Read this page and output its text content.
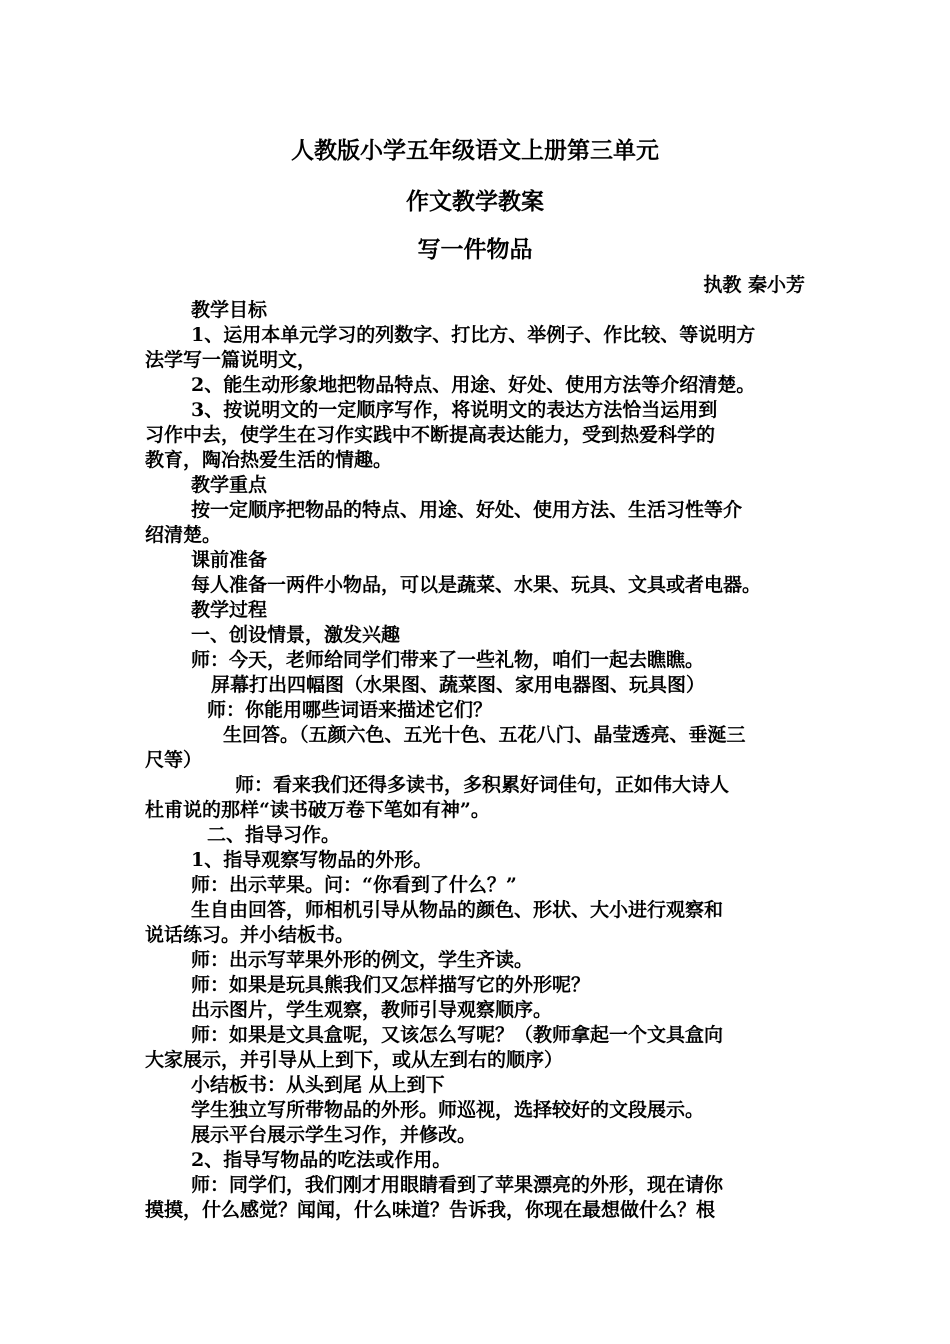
人教版小学五年级语文上册第三单元
作文教学教案
写一件物品
执教 秦小芳

教学目标

1、运用本单元学习的列数字、打比方、举例子、作比较、等说明方

法学写一篇说明文，

2、能生动形象地把物品特点、用途、好处、使用方法等介绍清楚。

3、按说明文的一定顺序写作，将说明文的表达方法恰当运用到

习作中去，使学生在习作实践中不断提高表达能力，受到热爱科学的

教育，陶冶热爱生活的情趣。

教学重点

按一定顺序把物品的特点、用途、好处、使用方法、生活习性等介

绍清楚。

课前准备

每人准备一两件小物品，可以是蔬菜、水果、玩具、文具或者电器。

教学过程

一、创设情景，激发兴趣

师：今天，老师给同学们带来了一些礼物，咱们一起去瞧瞧。

屏幕打出四幅图（水果图、蔬菜图、家用电器图、玩具图）

师：你能用哪些词语来描述它们？

生回答。（五颜六色、五光十色、五花八门、晶莹透亮、垂涎三

尺等）

师：看来我们还得多读书，多积累好词佳句，正如伟大诗人

杜甫说的那样“读书破万卷下笔如有神”。

二、指导习作。

1、指导观察写物品的外形。

师：出示苹果。问：“你看到了什么？”

生自由回答，师相机引导从物品的颜色、形状、大小进行观察和

说话练习。并小结板书。

师：出示写苹果外形的例文，学生齐读。

师：如果是玩具熊我们又怎样描写它的外形呢？

出示图片，学生观察，教师引导观察顺序。

师：如果是文具盒呢，又该怎么写呢？（教师拿起一个文具盒向

大家展示，并引导从上到下，或从左到右的顺序）

小结板书：从头到尾 从上到下

学生独立写所带物品的外形。师巡视，选择较好的文段展示。

展示平台展示学生习作，并修改。

2、指导写物品的吃法或作用。

师：同学们，我们刚才用眼睛看到了苹果漂亮的外形，现在请你

摸摸，什么感觉？闻闻，什么味道？告诉我，你现在最想做什么？根
